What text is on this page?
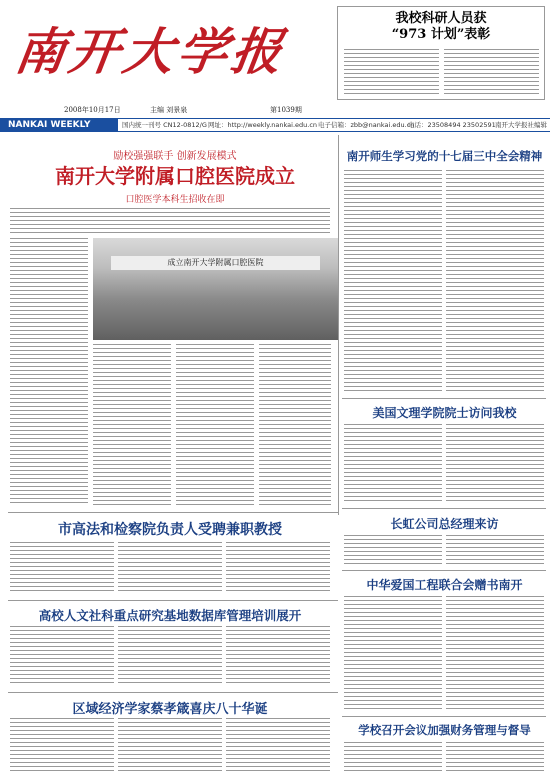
南开大学报
2008年10月17日	主编 刘景泉	第1039期
我校科研人员获
“973 计划”表彰
NANKAI WEEKLY	国内统一刊号 CN12-0812/G 网址：http://weekly.nankai.edu.cn 电子信箱：zbb@nankai.edu.cn
电话：23508494 23502591 南开大学报社编辑
励校强强联手 创新发展模式
南开大学附属口腔医院成立
口腔医学本科生招收在即
成立南开大学附属口腔医院
南开师生学习党的十七届三中全会精神
美国文理学院院士访问我校
市高法和检察院负责人受聘兼职教授	长虹公司总经理来访
中华爱国工程联合会赠书南开
高校人文社科重点研究基地数据库管理培训展开
区域经济学家蔡孝箴喜庆八十华诞
学校召开会议加强财务管理与督导
